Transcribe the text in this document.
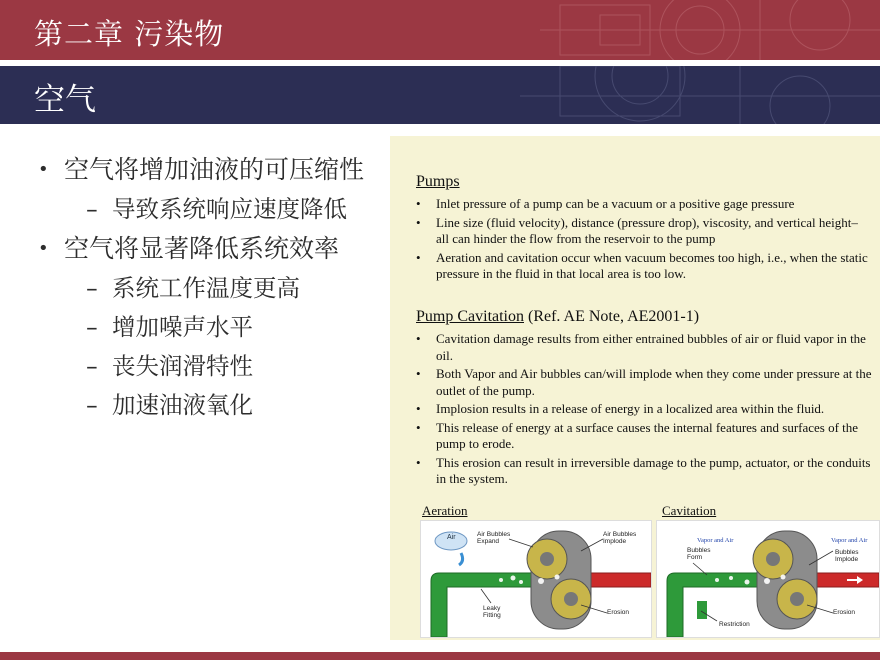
第二章 污染物
空气
• 空气将增加油液的可压缩性
– 导致系统响应速度降低
• 空气将显著降低系统效率
– 系统工作温度更高
– 增加噪声水平
– 丧失润滑特性
– 加速油液氧化
Pumps
• Inlet pressure of a pump can be a vacuum or a positive gage pressure
• Line size (fluid velocity), distance (pressure drop), viscosity, and vertical height– all can hinder the flow from the reservoir to the pump
• Aeration and cavitation occur when vacuum becomes too high, i.e., when the static pressure in the fluid in that local area is too low.
Pump Cavitation (Ref. AE Note, AE2001-1)
• Cavitation damage results from either entrained bubbles of air or fluid vapor in the oil.
• Both Vapor and Air bubbles can/will implode when they come under pressure at the outlet of the pump.
• Implosion results in a release of energy in a localized area within the fluid.
• This release of energy at a surface causes the internal features and surfaces of the pump to erode.
• This erosion can result in irreversible damage to the pump, actuator, or the conduits in the system.
Aeration	Cavitation
Air	Air Bubbles Expand
Air Bubbles Implode
Leaky Fitting	Erosion
Vapor and Air
Bubbles Form
Vapor and Air
Bubbles Implode
Erosion
Restriction
